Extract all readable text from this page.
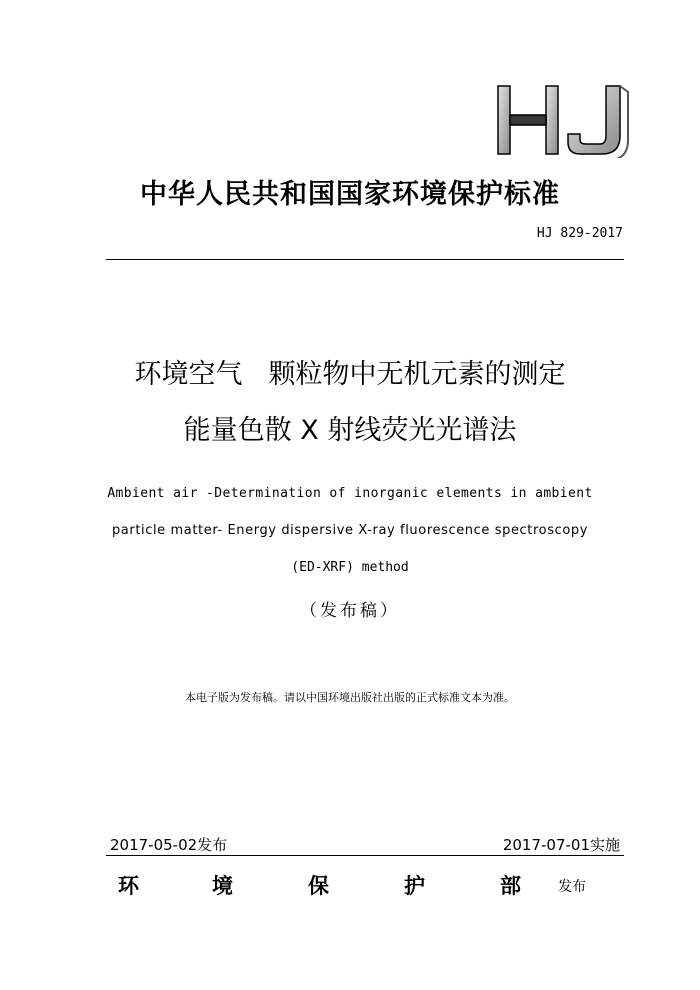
HJ
中华人民共和国国家环境保护标准
HJ 829-2017
环境空气 颗粒物中无机元素的测定
能量色散 X 射线荧光光谱法
Ambient air -Determination of inorganic elements in ambient
particle matter- Energy dispersive X-ray fluorescence spectroscopy
(ED-XRF) method
（发布稿）
本电子版为发布稿。请以中国环境出版社出版的正式标准文本为准。
2017-05-02发布	2017-07-01实施
环	境	保	护	部	发布
